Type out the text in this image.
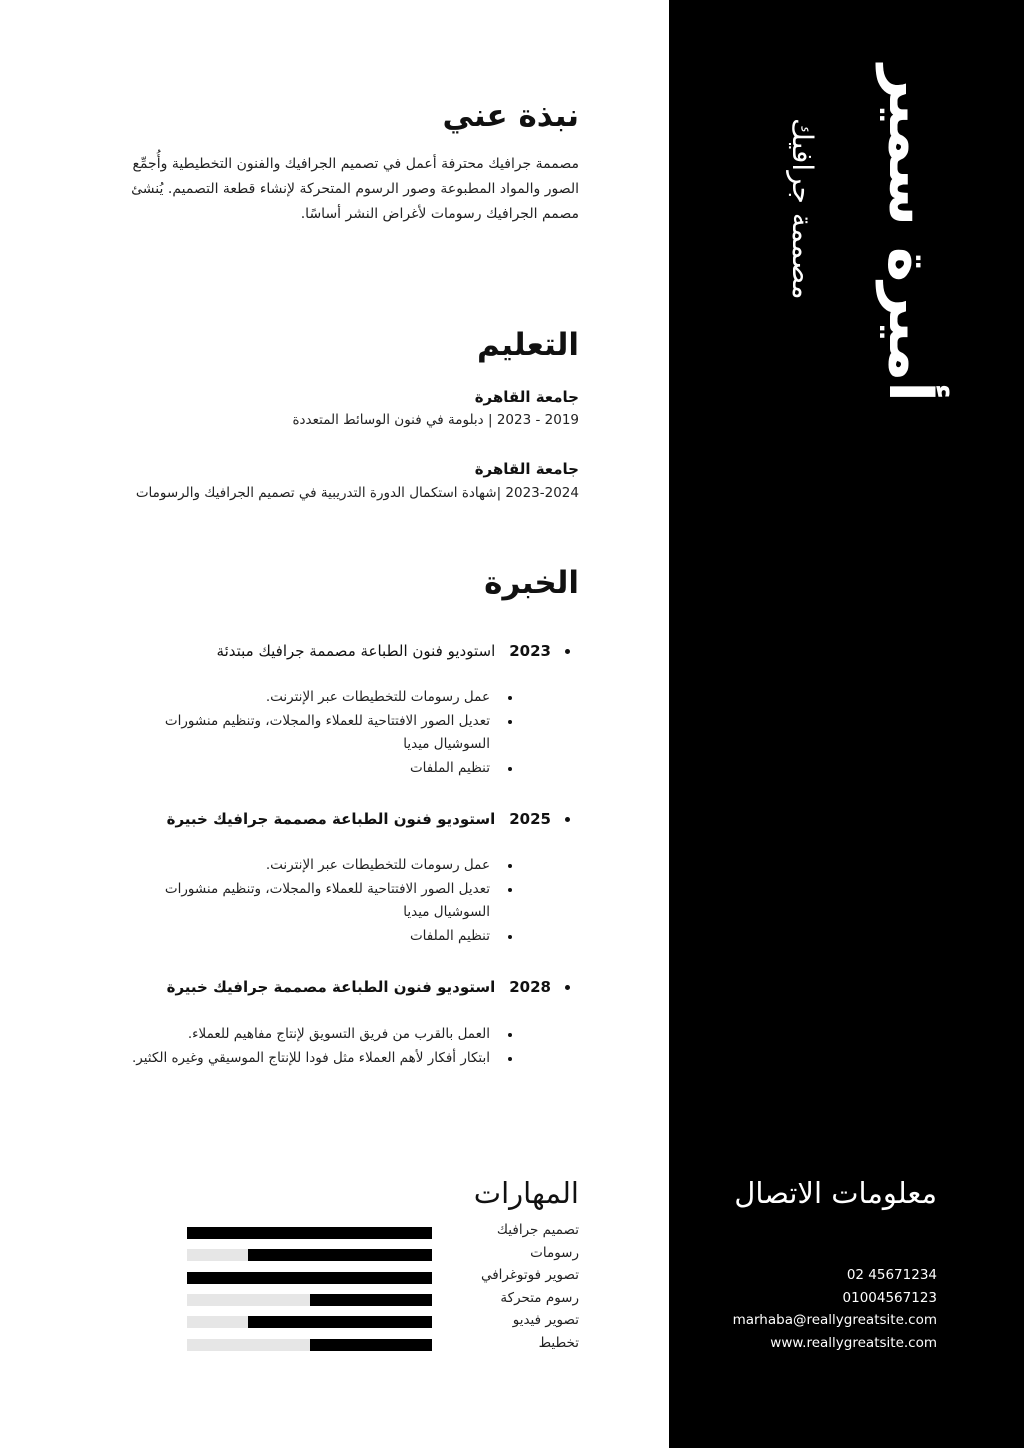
أميرة سمير
مصممة جرافيك
نبذة عني
مصممة جرافيك محترفة أعمل في تصميم الجرافيك والفنون التخطيطية وأُجمِّع
الصور والمواد المطبوعة وصور الرسوم المتحركة لإنشاء قطعة التصميم. يُنشئ
مصمم الجرافيك رسومات لأغراض النشر أساسًا.
التعليم
جامعة القاهرة
2019 - 2023 | دبلومة في فنون الوسائط المتعددة
جامعة القاهرة
2023-2024 |شهادة استكمال الدورة التدريبية في تصميم الجرافيك والرسومات
الخبرة
2023
استوديو فنون الطباعة مصممة جرافيك مبتدئة
عمل رسومات للتخطيطات عبر الإنترنت.
تعديل الصور الافتتاحية للعملاء والمجلات، وتنظيم منشورات السوشيال ميديا
تنظيم الملفات
2025
استوديو فنون الطباعة مصممة جرافيك خبيرة
عمل رسومات للتخطيطات عبر الإنترنت.
تعديل الصور الافتتاحية للعملاء والمجلات، وتنظيم منشورات السوشيال ميديا
تنظيم الملفات
2028
استوديو فنون الطباعة مصممة جرافيك خبيرة
العمل بالقرب من فريق التسويق لإنتاج مفاهيم للعملاء.
ابتكار أفكار لأهم العملاء مثل فودا للإنتاج الموسيقي وغيره الكثير.
المهارات
تصميم جرافيك
رسومات
تصوير فوتوغرافي
رسوم متحركة
تصوير فيديو
تخطيط
معلومات الاتصال
02 45671234
01004567123
marhaba@reallygreatsite.com
www.reallygreatsite.com
